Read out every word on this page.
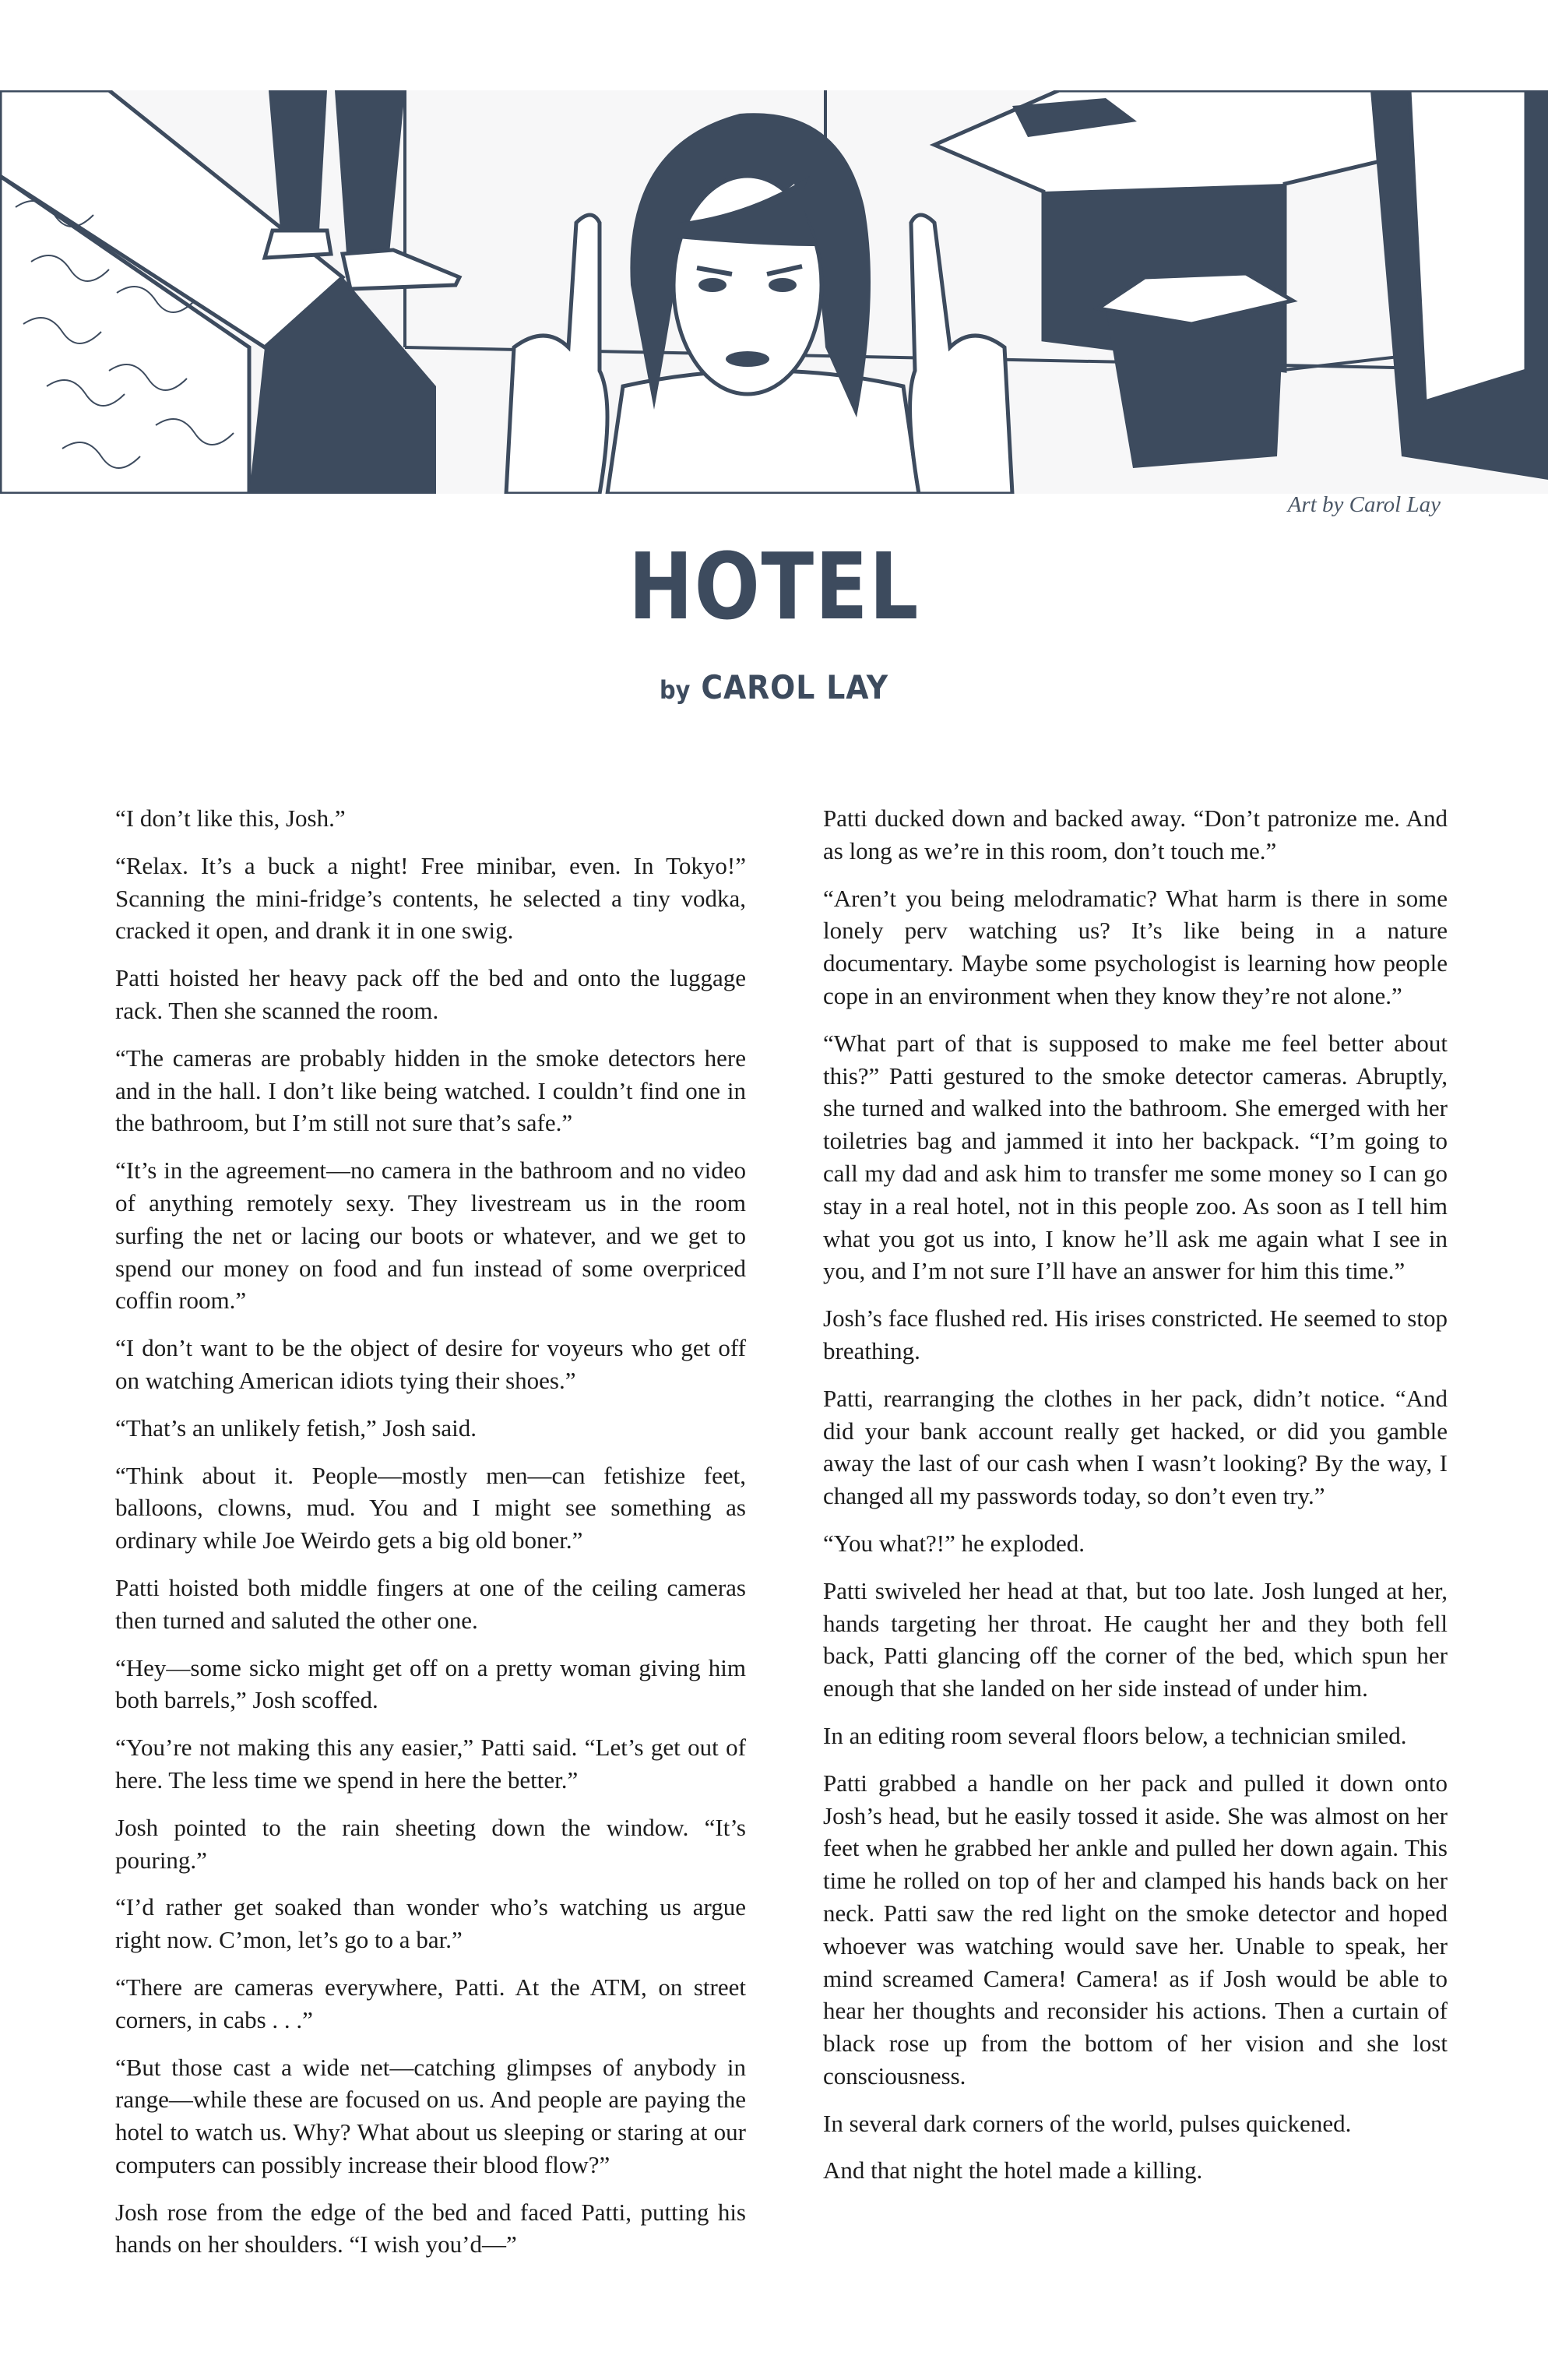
Art by Carol Lay
HOTEL
by CAROL LAY

“I don’t like this, Josh.”

“Relax. It’s a buck a night! Free minibar, even. In Tokyo!” Scanning the mini-fridge’s contents, he selected a tiny vodka, cracked it open, and drank it in one swig.

Patti hoisted her heavy pack off the bed and onto the luggage rack. Then she scanned the room.

“The cameras are probably hidden in the smoke detectors here and in the hall. I don’t like being watched. I couldn’t find one in the bathroom, but I’m still not sure that’s safe.”

“It’s in the agreement—no camera in the bathroom and no video of anything remotely sexy. They livestream us in the room surfing the net or lacing our boots or whatever, and we get to spend our money on food and fun instead of some overpriced coffin room.”

“I don’t want to be the object of desire for voyeurs who get off on watching American idiots tying their shoes.”

“That’s an unlikely fetish,” Josh said.

“Think about it. People—mostly men—can fetishize feet, balloons, clowns, mud. You and I might see something as ordinary while Joe Weirdo gets a big old boner.”

Patti hoisted both middle fingers at one of the ceiling cameras then turned and saluted the other one.

“Hey—some sicko might get off on a pretty woman giving him both barrels,” Josh scoffed.

“You’re not making this any easier,” Patti said. “Let’s get out of here. The less time we spend in here the better.”

Josh pointed to the rain sheeting down the window. “It’s pouring.”

“I’d rather get soaked than wonder who’s watching us argue right now. C’mon, let’s go to a bar.”

“There are cameras everywhere, Patti. At the ATM, on street corners, in cabs . . .”

“But those cast a wide net—catching glimpses of anybody in range—while these are focused on us. And people are paying the hotel to watch us. Why? What about us sleeping or staring at our computers can possibly increase their blood flow?”

Josh rose from the edge of the bed and faced Patti, putting his hands on her shoulders. “I wish you’d—”

Patti ducked down and backed away. “Don’t patronize me. And as long as we’re in this room, don’t touch me.”

“Aren’t you being melodramatic? What harm is there in some lonely perv watching us? It’s like being in a nature documentary. Maybe some psychologist is learning how people cope in an environment when they know they’re not alone.”

“What part of that is supposed to make me feel better about this?” Patti gestured to the smoke detector cameras. Abruptly, she turned and walked into the bathroom. She emerged with her toiletries bag and jammed it into her backpack. “I’m going to call my dad and ask him to transfer me some money so I can go stay in a real hotel, not in this people zoo. As soon as I tell him what you got us into, I know he’ll ask me again what I see in you, and I’m not sure I’ll have an answer for him this time.”

Josh’s face flushed red. His irises constricted. He seemed to stop breathing.

Patti, rearranging the clothes in her pack, didn’t notice. “And did your bank account really get hacked, or did you gamble away the last of our cash when I wasn’t looking? By the way, I changed all my passwords today, so don’t even try.”

“You what?!” he exploded.

Patti swiveled her head at that, but too late. Josh lunged at her, hands targeting her throat. He caught her and they both fell back, Patti glancing off the corner of the bed, which spun her enough that she landed on her side instead of under him.

In an editing room several floors below, a technician smiled.

Patti grabbed a handle on her pack and pulled it down onto Josh’s head, but he easily tossed it aside. She was almost on her feet when he grabbed her ankle and pulled her down again. This time he rolled on top of her and clamped his hands back on her neck. Patti saw the red light on the smoke detector and hoped whoever was watching would save her. Unable to speak, her mind screamed Camera! Camera! as if Josh would be able to hear her thoughts and reconsider his actions. Then a curtain of black rose up from the bottom of her vision and she lost consciousness.

In several dark corners of the world, pulses quickened.

And that night the hotel made a killing.
